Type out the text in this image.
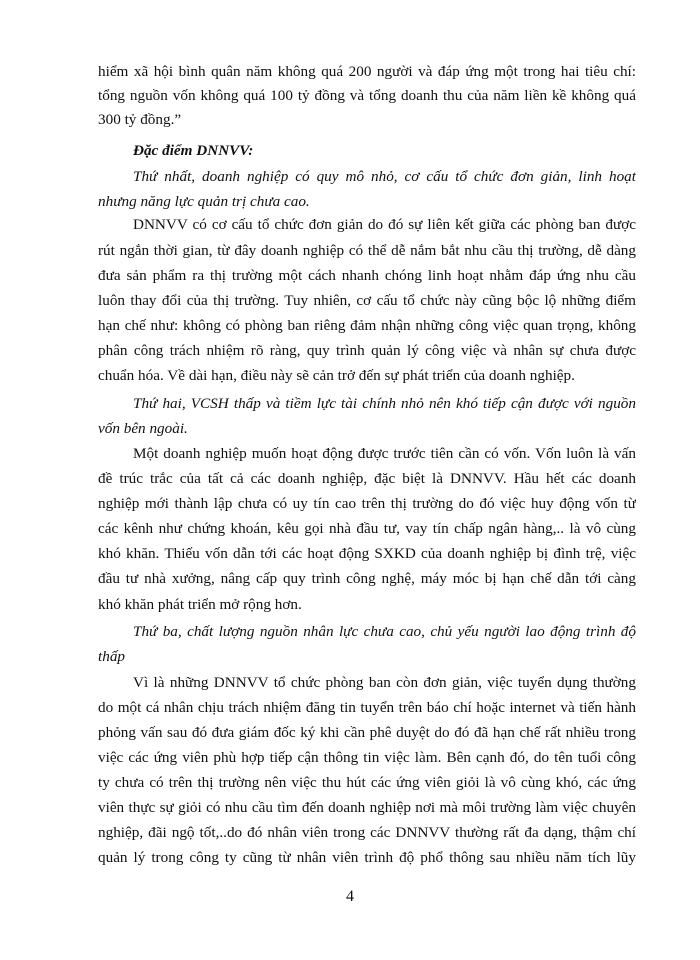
hiểm xã hội bình quân năm không quá 200 người và đáp ứng một trong hai tiêu chí:
tổng nguồn vốn không quá 100 tỷ đồng và tổng doanh thu của năm liền kề không quá
300 tỷ đồng.”
Đặc điểm DNNVV:
Thứ nhất, doanh nghiệp có quy mô nhỏ, cơ cấu tổ chức đơn giản, linh hoạt
nhưng năng lực quản trị chưa cao.
DNNVV có cơ cấu tổ chức đơn giản do đó sự liên kết giữa các phòng ban được
rút ngắn thời gian, từ đây doanh nghiệp có thể dễ nắm bắt nhu cầu thị trường, dễ dàng
đưa sản phẩm ra thị trường một cách nhanh chóng linh hoạt nhằm đáp ứng nhu cầu
luôn thay đổi của thị trường. Tuy nhiên, cơ cấu tổ chức này cũng bộc lộ những điểm
hạn chế như: không có phòng ban riêng đảm nhận những công việc quan trọng, không
phân công trách nhiệm rõ ràng, quy trình quản lý công việc và nhân sự chưa được
chuẩn hóa. Về dài hạn, điều này sẽ cản trở đến sự phát triển của doanh nghiệp.
Thứ hai, VCSH thấp và tiềm lực tài chính nhỏ nên khó tiếp cận được với nguồn
vốn bên ngoài.
Một doanh nghiệp muốn hoạt động được trước tiên cần có vốn. Vốn luôn là vấn
đề trúc trắc của tất cả các doanh nghiệp, đặc biệt là DNNVV. Hầu hết các doanh
nghiệp mới thành lập chưa có uy tín cao trên thị trường do đó việc huy động vốn từ
các kênh như chứng khoán, kêu gọi nhà đầu tư, vay tín chấp ngân hàng,.. là vô cùng
khó khăn. Thiếu vốn dẫn tới các hoạt động SXKD của doanh nghiệp bị đình trệ, việc
đầu tư nhà xưởng, nâng cấp quy trình công nghệ, máy móc bị hạn chế dẫn tới càng
khó khăn phát triển mở rộng hơn.
Thứ ba, chất lượng nguồn nhân lực chưa cao, chủ yếu người lao động trình độ
thấp
Vì là những DNNVV tổ chức phòng ban còn đơn giản, việc tuyển dụng thường
do một cá nhân chịu trách nhiệm đăng tin tuyển trên báo chí hoặc internet và tiến hành
phỏng vấn sau đó đưa giám đốc ký khi cần phê duyệt do đó đã hạn chế rất nhiều trong
việc các ứng viên phù hợp tiếp cận thông tin việc làm. Bên cạnh đó, do tên tuổi công
ty chưa có trên thị trường nên việc thu hút các ứng viên giỏi là vô cùng khó, các ứng
viên thực sự giỏi có nhu cầu tìm đến doanh nghiệp nơi mà môi trường làm việc chuyên
nghiệp, đãi ngộ tốt,..do đó nhân viên trong các DNNVV thường rất đa dạng, thậm chí
quản lý trong công ty cũng từ nhân viên trình độ phổ thông sau nhiều năm tích lũy
4
